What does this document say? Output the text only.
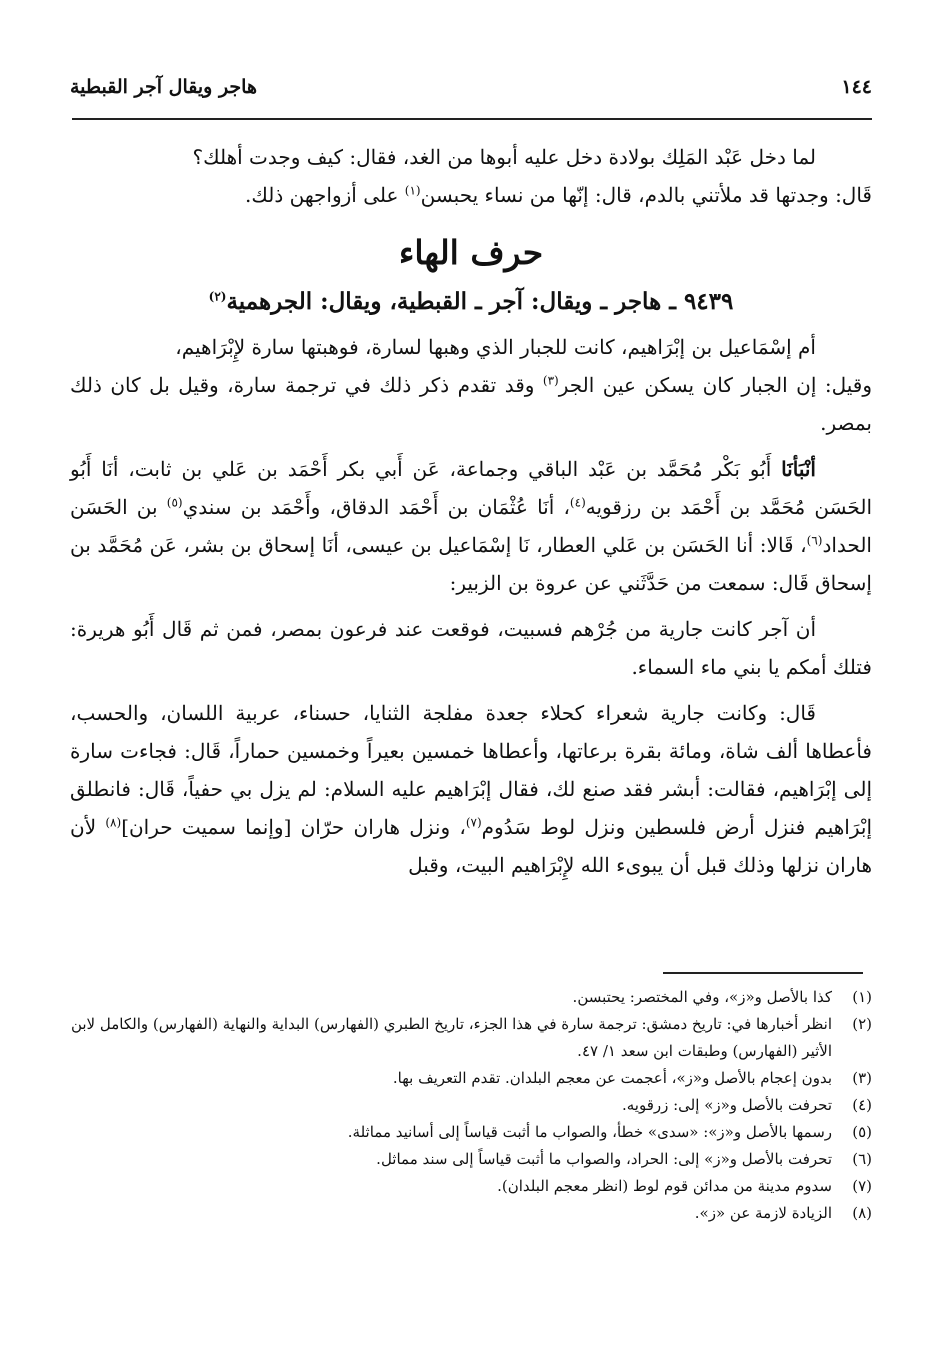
١٤٤
هاجر ويقال آجر القبطية

لما دخل عَبْد المَلِك بولادة دخل عليه أبوها من الغد، فقال: كيف وجدت أهلك؟

قَال: وجدتها قد ملأتني بالدم، قال: إنّها من نساء يحبسن$^{(١)}$ على أزواجهن ذلك.

حرف الهاء
٩٤٣٩ ـ هاجر ـ ويقال: آجر ـ القبطية، ويقال: الجرهمية$^{(٢)}$

أم إسْمَاعيل بن إبْرَاهيم، كانت للجبار الذي وهبها لسارة، فوهبتها سارة لإِبْرَاهيم،

وقيل: إن الجبار كان يسكن عين الجر$^{(٣)}$ وقد تقدم ذكر ذلك في ترجمة سارة، وقيل بل كان ذلك بمصر.

أنْبَأنَا أَبُو بَكْر مُحَمَّد بن عَبْد الباقي وجماعة، عَن أَبي بكر أَحْمَد بن عَلي بن ثابت، أنَا أَبُو الحَسَن مُحَمَّد بن أَحْمَد بن رزقويه$^{(٤)}$، أنَا عُثْمَان بن أَحْمَد الدقاق، وأَحْمَد بن سندي$^{(٥)}$ بن الحَسَن الحداد$^{(٦)}$، قَالا: أنا الحَسَن بن عَلي العطار، نَا إسْمَاعيل بن عيسى، أنَا إسحاق بن بشر، عَن مُحَمَّد بن إسحاق قَال: سمعت من حَدَّثَني عن عروة بن الزبير:

أن آجر كانت جارية من جُرْهم فسبيت، فوقعت عند فرعون بمصر، فمن ثم قَال أَبُو هريرة: فتلك أمكم يا بني ماء السماء.

قَال: وكانت جارية شعراء كحلاء جعدة مفلجة الثنايا، حسناء، عربية اللسان، والحسب، فأعطاها ألف شاة، ومائة بقرة برعاتها، وأعطاها خمسين بعيراً وخمسين حماراً، قَال: فجاءت سارة إلى إبْرَاهيم، فقالت: أبشر فقد صنع لك، فقال إبْرَاهيم عليه السلام: لم يزل بي حفياً، قَال: فانطلق إبْرَاهيم فنزل أرض فلسطين ونزل لوط سَدُوم$^{(٧)}$، ونزل هاران حرّان [وإنما سميت حران]$^{(٨)}$ لأن هاران نزلها وذلك قبل أن يبوىء الله لإِبْرَاهيم البيت، وقبل

(١)
كذا بالأصل و«ز»، وفي المختصر: يحتبسن.
(٢)
انظر أخبارها في: تاريخ دمشق: ترجمة سارة في هذا الجزء، تاريخ الطبري (الفهارس) البداية والنهاية (الفهارس) والكامل لابن الأثير (الفهارس) وطبقات ابن سعد ١/ ٤٧.
(٣)
بدون إعجام بالأصل و«ز»، أعجمت عن معجم البلدان. تقدم التعريف بها.
(٤)
تحرفت بالأصل و«ز» إلى: زرقويه.
(٥)
رسمها بالأصل و«ز»: «سدى» خطأ، والصواب ما أثبت قياساً إلى أسانيد مماثلة.
(٦)
تحرفت بالأصل و«ز» إلى: الحراد، والصواب ما أثبت قياساً إلى سند مماثل.
(٧)
سدوم مدينة من مدائن قوم لوط (انظر معجم البلدان).
(٨)
الزيادة لازمة عن «ز».
